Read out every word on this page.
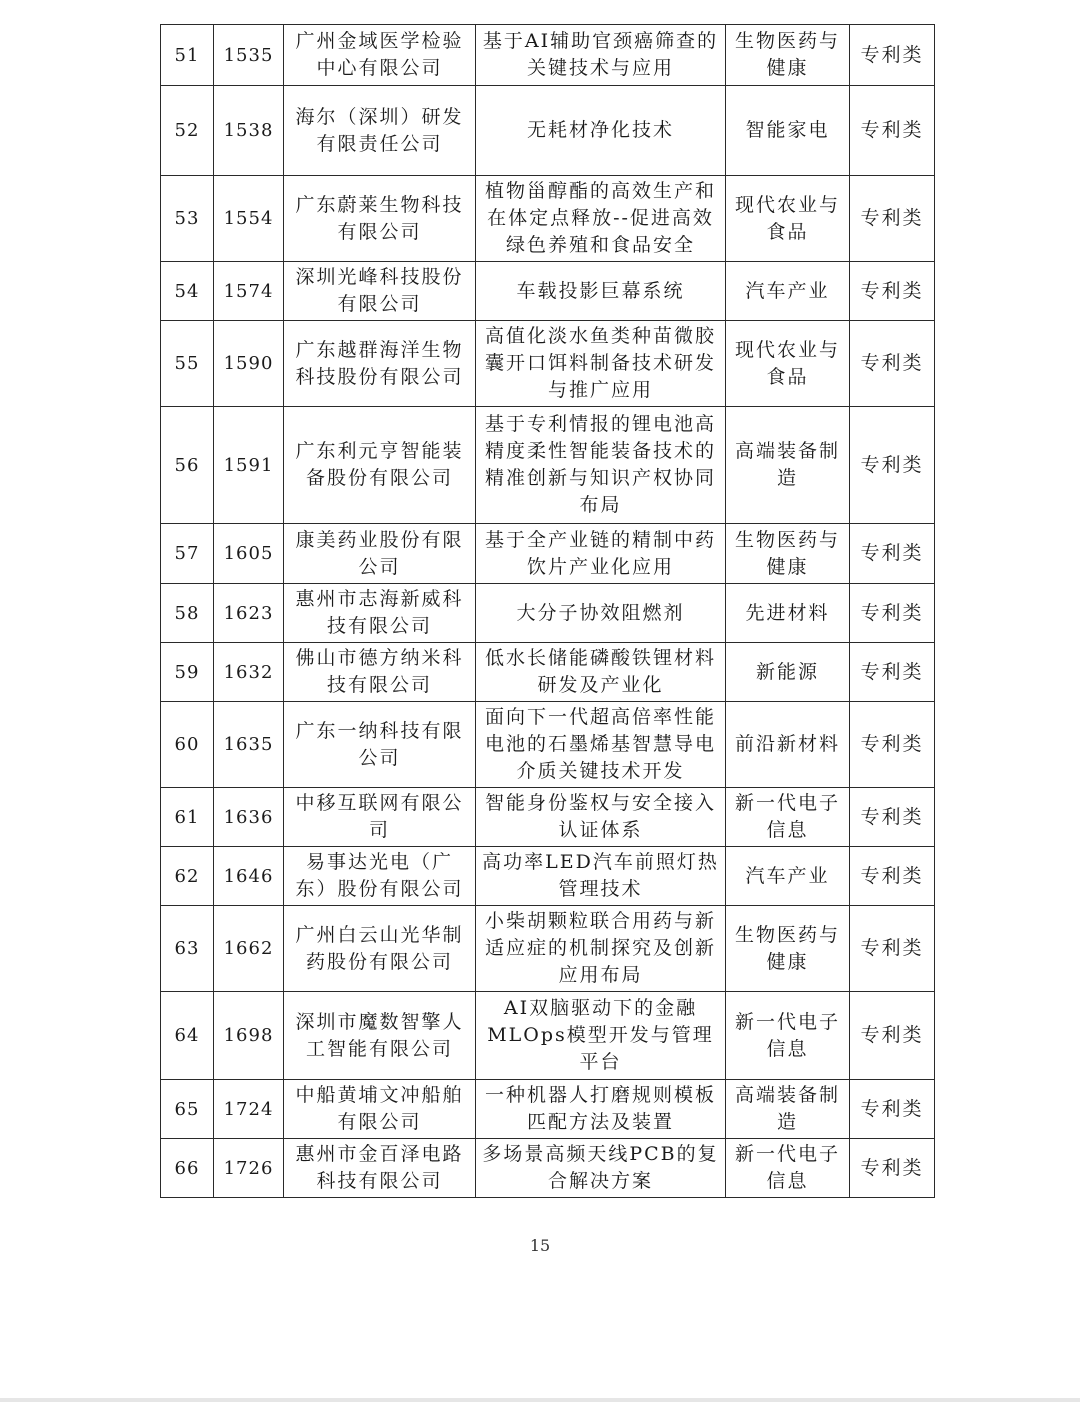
51	1535	广州金域医学检验中心有限公司	基于AI辅助官颈癌筛查的关键技术与应用	生物医药与健康	专利类
52	1538	海尔（深圳）研发有限责任公司	无耗材净化技术	智能家电	专利类
53	1554	广东蔚莱生物科技有限公司	植物甾醇酯的高效生产和在体定点释放--促进高效绿色养殖和食品安全	现代农业与食品	专利类
54	1574	深圳光峰科技股份有限公司	车载投影巨幕系统	汽车产业	专利类
55	1590	广东越群海洋生物科技股份有限公司	高值化淡水鱼类种苗微胶囊开口饵料制备技术研发与推广应用	现代农业与食品	专利类
56	1591	广东利元亨智能装备股份有限公司	基于专利情报的锂电池高精度柔性智能装备技术的精准创新与知识产权协同布局	高端装备制造	专利类
57	1605	康美药业股份有限公司	基于全产业链的精制中药饮片产业化应用	生物医药与健康	专利类
58	1623	惠州市志海新威科技有限公司	大分子协效阻燃剂	先进材料	专利类
59	1632	佛山市德方纳米科技有限公司	低水长储能磷酸铁锂材料研发及产业化	新能源	专利类
60	1635	广东一纳科技有限公司	面向下一代超高倍率性能电池的石墨烯基智慧导电介质关键技术开发	前沿新材料	专利类
61	1636	中移互联网有限公司	智能身份鉴权与安全接入认证体系	新一代电子信息	专利类
62	1646	易事达光电（广东）股份有限公司	高功率LED汽车前照灯热管理技术	汽车产业	专利类
63	1662	广州白云山光华制药股份有限公司	小柴胡颗粒联合用药与新适应症的机制探究及创新应用布局	生物医药与健康	专利类
64	1698	深圳市魔数智擎人工智能有限公司	AI双脑驱动下的金融MLOps模型开发与管理平台	新一代电子信息	专利类
65	1724	中船黄埔文冲船舶有限公司	一种机器人打磨规则模板匹配方法及装置	高端装备制造	专利类
66	1726	惠州市金百泽电路科技有限公司	多场景高频天线PCB的复合解决方案	新一代电子信息	专利类
15
